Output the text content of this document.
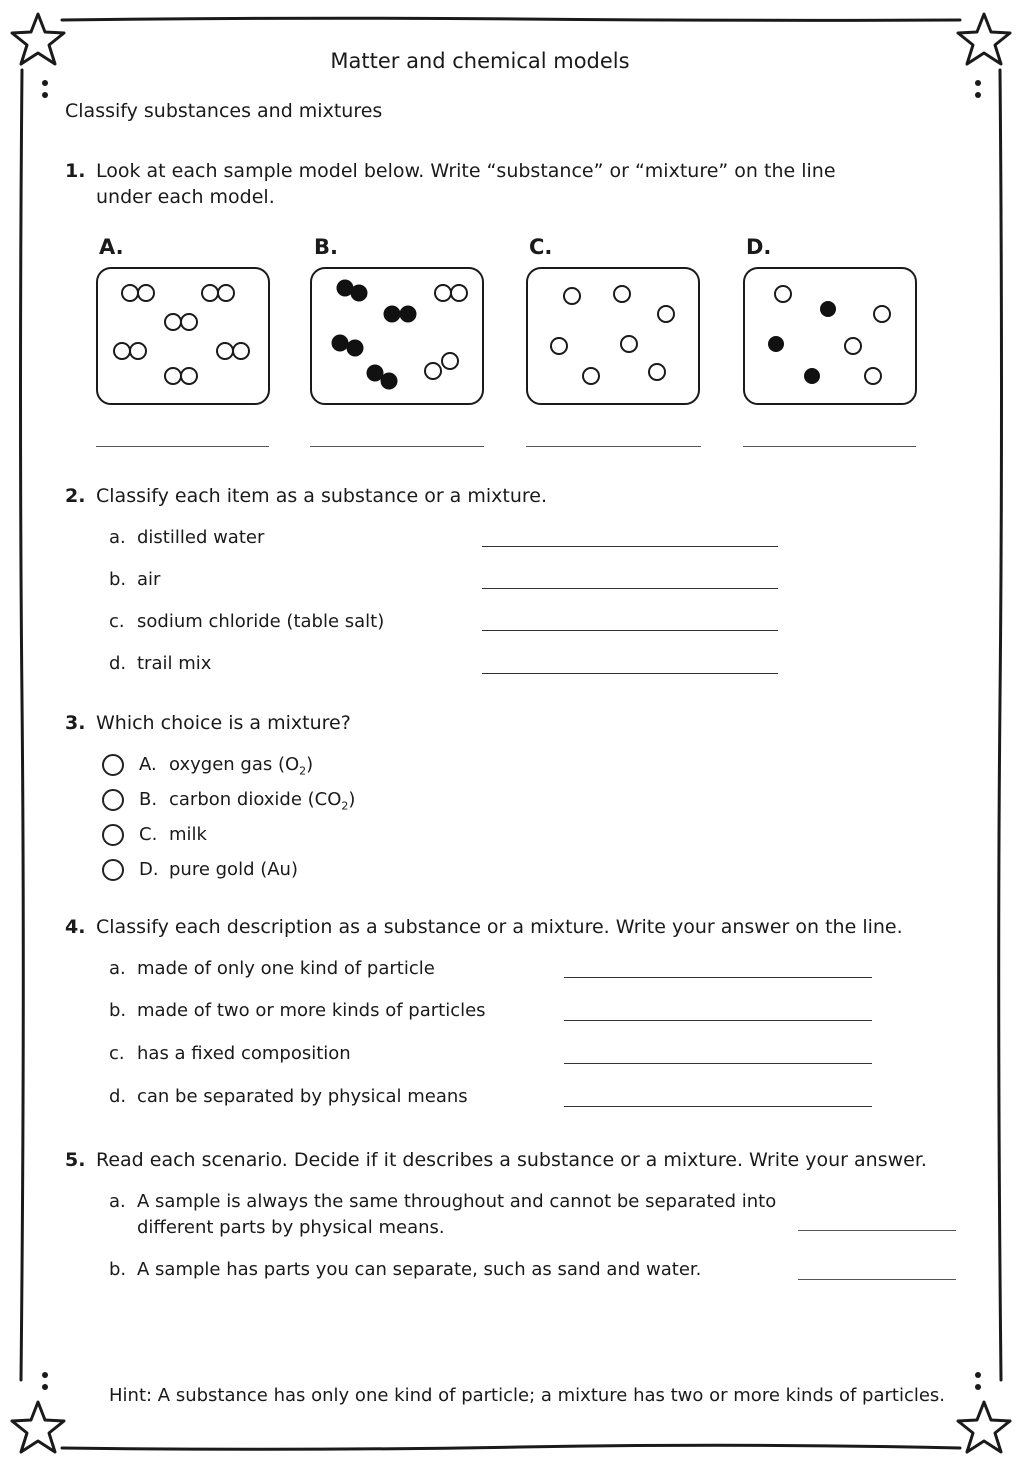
Matter and chemical models
Classify substances and mixtures
1. Look at each sample model below. Write “substance” or “mixture” on the line
under each model.
A.	B.	C.	D.
2. Classify each item as a substance or a mixture.
a. distilled water
b. air
c. sodium chloride (table salt)
d. trail mix
3. Which choice is a mixture?
A. oxygen gas $(O_2)$
B. carbon dioxide $(CO_2)$
C. milk
D. pure gold (Au)
4. Classify each description as a substance or a mixture. Write your answer on the line.
a. made of only one kind of particle
b. made of two or more kinds of particles
c. has a fixed composition
d. can be separated by physical means
5. Read each scenario. Decide if it describes a substance or a mixture. Write your answer.
a. A sample is always the same throughout and cannot be separated into
different parts by physical means.
b. A sample has parts you can separate, such as sand and water.
Hint: A substance has only one kind of particle; a mixture has two or more kinds of particles.
